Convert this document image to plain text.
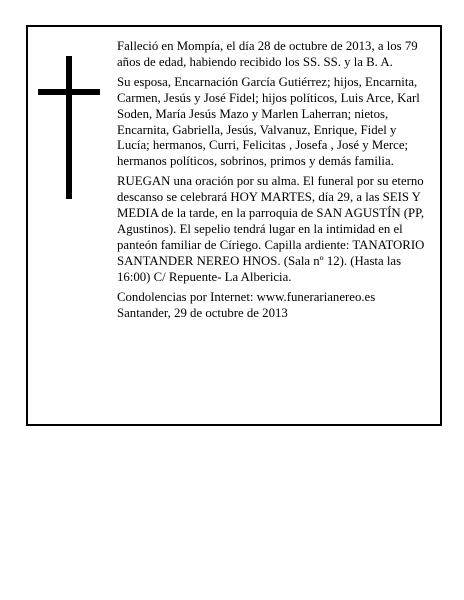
Falleció en Mompía, el día 28 de octubre de 2013, a los 79 años de edad, habiendo recibido los SS. SS. y la B. A.

Su esposa, Encarnación García Gutiérrez; hijos, Encarnita, Carmen, Jesús y José Fidel; hijos políticos, Luis Arce, Karl Soden, María Jesús Mazo y Marlen Laherran; nietos, Encarnita, Gabriella, Jesús, Valvanuz, Enrique, Fidel y Lucía; hermanos, Curri, Felicitas , Josefa , José y Merce; hermanos políticos, sobrinos, primos y demás familia.

RUEGAN una oración por su alma. El funeral por su eterno descanso se celebrará HOY MARTES, día 29, a las SEIS Y MEDIA de la tarde, en la parroquia de SAN AGUSTÍN (PP, Agustinos). El sepelio tendrá lugar en la intimidad en el panteón familiar de Círiego. Capilla ardiente: TANATORIO SANTANDER NEREO HNOS. (Sala nº 12). (Hasta las 16:00) C/ Repuente- La Albericia.

Condolencias por Internet: www.funerarianereo.es

Santander, 29 de octubre de 2013
